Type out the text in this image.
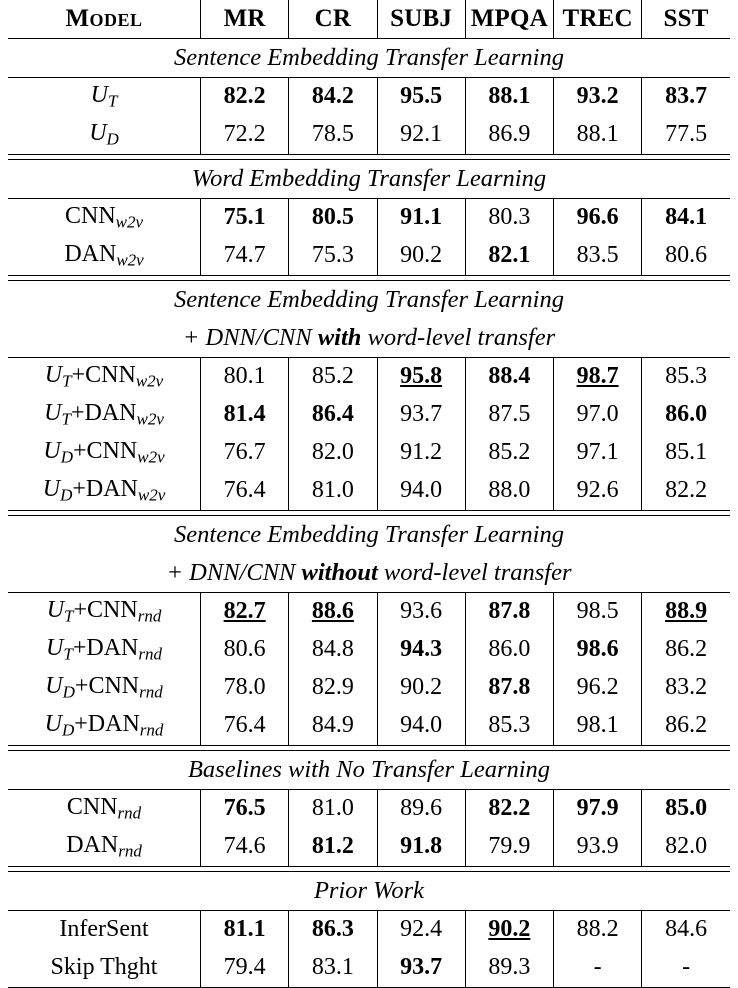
Model	MR	CR	SUBJ	MPQA	TREC	SST
Sentence Embedding Transfer Learning						
$U_T$	82.2	84.2	95.5	88.1	93.2	83.7
$U_D$	72.2	78.5	92.1	86.9	88.1	77.5

Word Embedding Transfer Learning						
$CNN_{w2v}$	75.1	80.5	91.1	80.3	96.6	84.1
$DAN_{w2v}$	74.7	75.3	90.2	82.1	83.5	80.6

Sentence Embedding Transfer Learning						
+ DNN/CNN with word-level transfer						
$U_T+CNN_{w2v}$	80.1	85.2	95.8	88.4	98.7	85.3
$U_T+DAN_{w2v}$	81.4	86.4	93.7	87.5	97.0	86.0
$U_D+CNN_{w2v}$	76.7	82.0	91.2	85.2	97.1	85.1
$U_D+DAN_{w2v}$	76.4	81.0	94.0	88.0	92.6	82.2

Sentence Embedding Transfer Learning						
+ DNN/CNN without word-level transfer						
$U_T+CNN_{rnd}$	82.7	88.6	93.6	87.8	98.5	88.9
$U_T+DAN_{rnd}$	80.6	84.8	94.3	86.0	98.6	86.2
$U_D+CNN_{rnd}$	78.0	82.9	90.2	87.8	96.2	83.2
$U_D+DAN_{rnd}$	76.4	84.9	94.0	85.3	98.1	86.2

Baselines with No Transfer Learning						
$CNN_{rnd}$	76.5	81.0	89.6	82.2	97.9	85.0
$DAN_{rnd}$	74.6	81.2	91.8	79.9	93.9	82.0

Prior Work						
InferSent	81.1	86.3	92.4	90.2	88.2	84.6
Skip Thght	79.4	83.1	93.7	89.3	-	-
